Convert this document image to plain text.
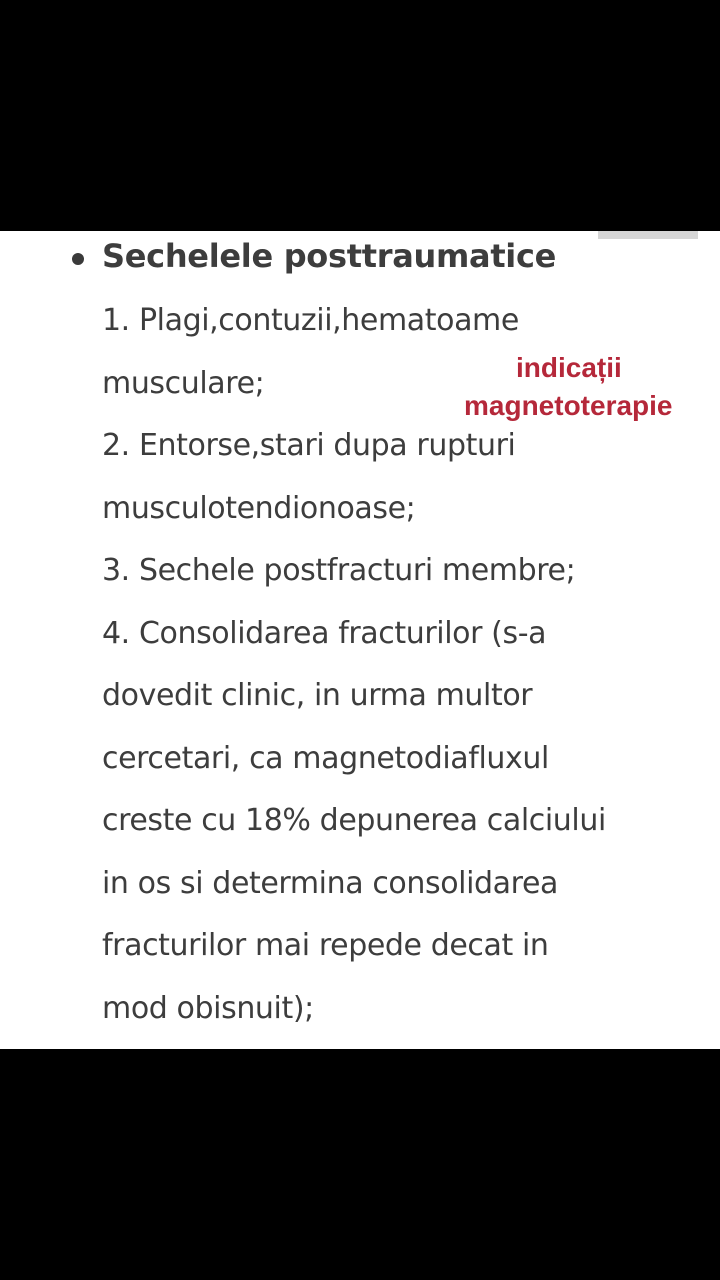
Sechelele posttraumatice
1. Plagi,contuzii,hematoame
musculare;
2. Entorse,stari dupa rupturi
musculotendionoase;
3. Sechele postfracturi membre;
4. Consolidarea fracturilor (s-a
dovedit clinic, in urma multor
cercetari, ca magnetodiafluxul
creste cu 18% depunerea calciului
in os si determina consolidarea
fracturilor mai repede decat in
mod obisnuit);
indicații
magnetoterapie
